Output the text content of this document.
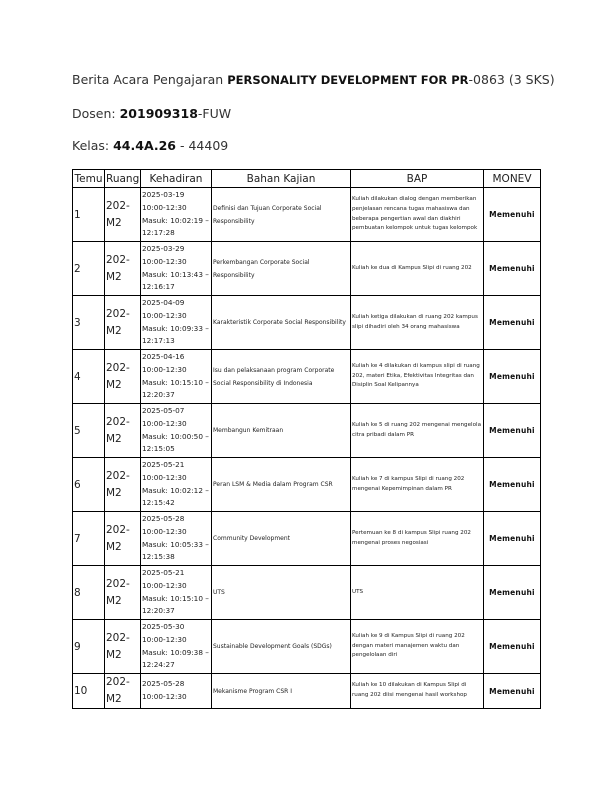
Berita Acara Pengajaran PERSONALITY DEVELOPMENT FOR PR-0863 (3 SKS)
Dosen: 201909318-FUW
Kelas: 44.4A.26 - 44409
Temu	Ruang	Kehadiran	Bahan Kajian	BAP	MONEV
1	202-M2	2025-03-19
10:00-12:30
Masuk: 10:02:19 –
12:17:28	Definisi dan Tujuan Corporate Social Responsibility	Kuliah dilakukan dialog dengan memberikan penjelasan rencana tugas mahasiswa dan beberapa pengertian awal dan diakhiri pembuatan kelompok untuk tugas kelompok	Memenuhi
2	202-M2	2025-03-29
10:00-12:30
Masuk: 10:13:43 –
12:16:17	Perkembangan Corporate Social Responsibility	Kuliah ke dua di Kampus Slipi di ruang 202	Memenuhi
3	202-M2	2025-04-09
10:00-12:30
Masuk: 10:09:33 –
12:17:13	Karakteristik Corporate Social Responsibility	Kuliah ketiga dilakukan di ruang 202 kampus slipi dihadiri oleh 34 orang mahasiswa	Memenuhi
4	202-M2	2025-04-16
10:00-12:30
Masuk: 10:15:10 –
12:20:37	Isu dan pelaksanaan program Corporate Social Responsibility di Indonesia	Kuliah ke 4 dilakukan di kampus slipi di ruang 202, materi Etika, Efektivitas Integritas dan Disiplin Soal Kelipannya	Memenuhi
5	202-M2	2025-05-07
10:00-12:30
Masuk: 10:00:50 –
12:15:05	Membangun Kemitraan	Kuliah ke 5 di ruang 202 mengenai mengelola citra pribadi dalam PR	Memenuhi
6	202-M2	2025-05-21
10:00-12:30
Masuk: 10:02:12 –
12:15:42	Peran LSM & Media dalam Program CSR	Kuliah ke 7 di kampus Slipi di ruang 202 mengenai Kepemimpinan dalam PR	Memenuhi
7	202-M2	2025-05-28
10:00-12:30
Masuk: 10:05:33 –
12:15:38	Community Development	Pertemuan ke 8 di kampus Slipi ruang 202 mengenai proses negosiasi	Memenuhi
8	202-M2	2025-05-21
10:00-12:30
Masuk: 10:15:10 –
12:20:37	UTS	UTS	Memenuhi
9	202-M2	2025-05-30
10:00-12:30
Masuk: 10:09:38 –
12:24:27	Sustainable Development Goals (SDGs)	Kuliah ke 9 di Kampus Slipi di ruang 202 dengan materi manajemen waktu dan pengelolaan diri	Memenuhi
10	202-M2	2025-05-28
10:00-12:30	Mekanisme Program CSR I	Kuliah ke 10 dilakukan di Kampus Slipi di ruang 202 diisi mengenai hasil workshop	Memenuhi
